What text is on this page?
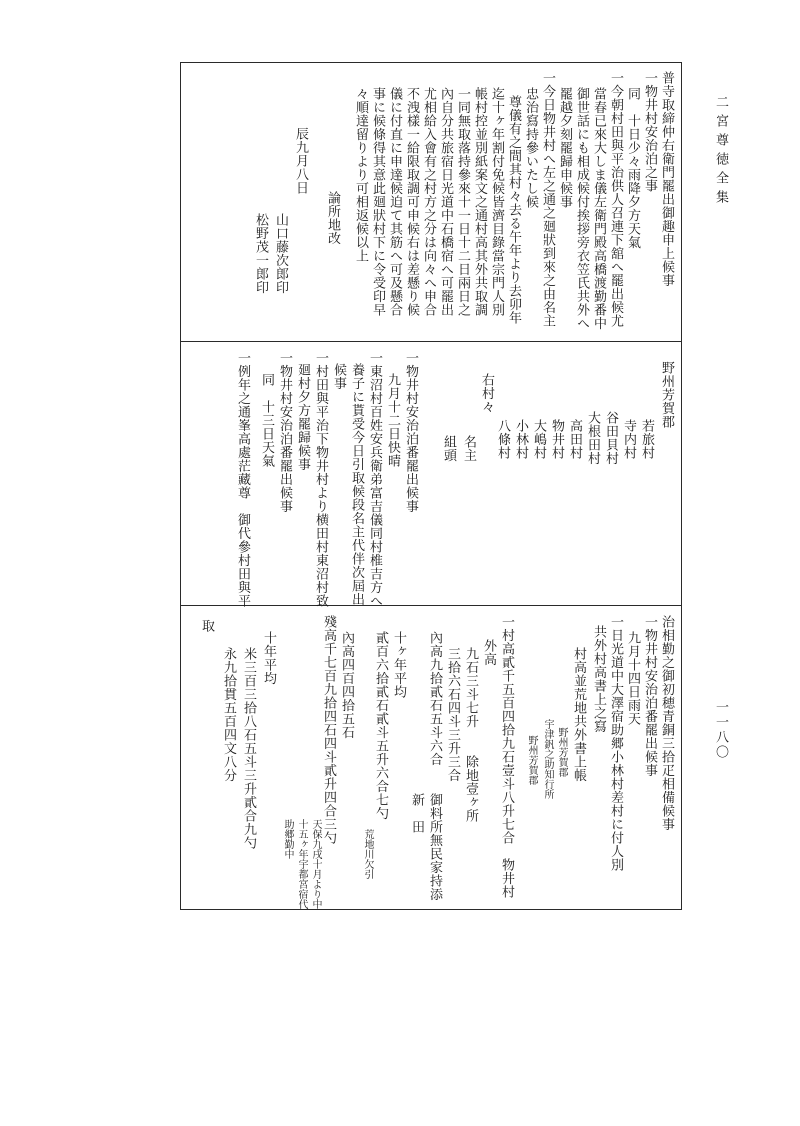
二宮尊徳全集
一一八〇
普寺取締仲右衛門罷出御趣申上候事
一物井村安治泊之事
同　十日少々雨降夕方天氣
一今朝村田與平治供人召連下舘へ罷出候尤
當春已來大しま儀左衛門殿高橋渡勤番中
御世話にも相成候付挨拶旁衣笠氏共外へ
罷越夕刻罷歸申候事
一今日物井村へ左之通之廻狀到來之由名主
忠治寫持參いたし候
尊儀有之間其村々去る午年より去卯年
迄十ヶ年割付免候皆濟目錄當宗門人別
帳村控並別紙案文之通村高其外共取調
一同無取落持參來十一日十二日兩日之
內自分共旅宿日光道中石橋宿へ可罷出
尤相給入會有之村方之分は向々へ申合
不洩樣一給限取調可申候右は差懸り候
儀に付直に申達候迫て其筋へ可及懸合
事に候條得其意此廻狀村下に令受印早
々順達留りより可相返候以上
論所地改
辰九月八日
山口藤次郎印
松野茂一郎印
野州芳賀郡
若旅村
寺内村
谷田貝村
大根田村
高田村
物井村
大嶋村
小林村
八條村
右村々
名主
組頭
一物井村安治泊番罷出候事
九月十二日快晴
一東沼村百姓安兵衛弟富吉儀同村椎吉方へ
養子に貰受今日引取候段名主代伴次屆出
候事
一村田與平治下物井村より横田村東沼村致
廻村夕方罷歸候事
一物井村安治泊番罷出候事
同　十三日天氣
一例年之通峯高處茫藏尊　御代參村田與平
治相勤之御初穂青銅三拾疋相備候事
一物井村安治泊番罷出候事
九月十四日雨天
一日光道中大澤宿助郷小林村差村に付人別
共外村高書上之寫
村高並荒地共外書上帳
野州芳賀郡
宇津釩之助知行所
野州芳賀郡
一村高貳千五百四拾九石壹斗八升七合　物井村
外高
九石三斗七升　　除地壹ヶ所
三拾六石四斗三升三合
內高九拾貳石五斗六合　　御料所無民家持添
　　　　　　　　　　　　新　田
十ヶ年平均
貳百六拾貳石貳斗五升六合七勺
荒地川欠引
內高四百四拾五石
殘高千七百九拾四石四斗貳升四合三勺
天保九戌十月より中
十五ヶ年宇都宮宿代
助郷勤中
十年平均
取
米三百三拾八石五斗三升貳合九勺
永九拾貫五百四文八分
